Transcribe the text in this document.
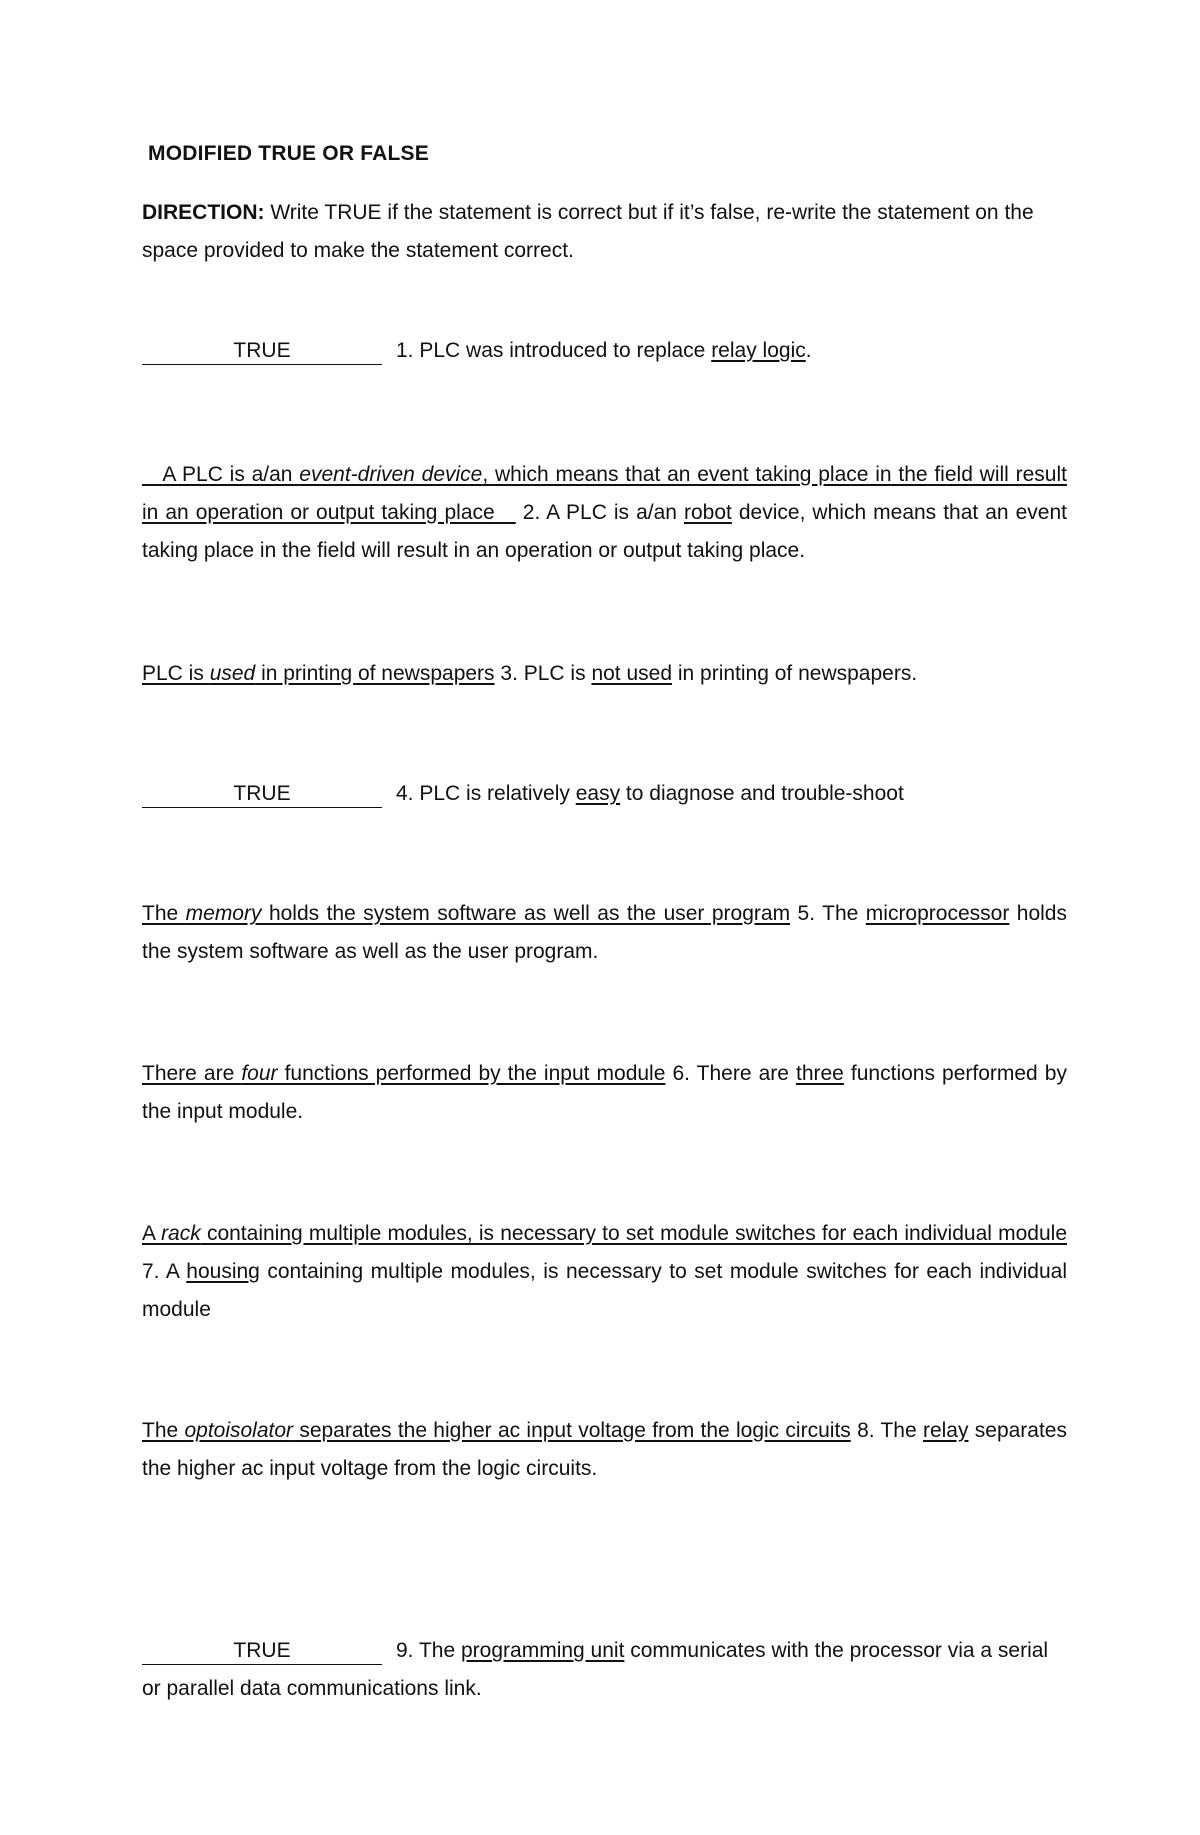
MODIFIED TRUE OR FALSE
DIRECTION: Write TRUE if the statement is correct but if it’s false, re-write the statement on the space provided to make the statement correct.
TRUE	1. PLC was introduced to replace relay logic.
A PLC is a/an event-driven device, which means that an event taking place in the field will result in an operation or output taking place 2. A PLC is a/an robot device, which means that an event taking place in the field will result in an operation or output taking place.
PLC is used in printing of newspapers 3. PLC is not used in printing of newspapers.
TRUE	4. PLC is relatively easy to diagnose and trouble-shoot
The memory holds the system software as well as the user program 5. The microprocessor holds the system software as well as the user program.
There are four functions performed by the input module 6. There are three functions performed by the input module.
A rack containing multiple modules, is necessary to set module switches for each individual module 7. A housing containing multiple modules, is necessary to set module switches for each individual module
The optoisolator separates the higher ac input voltage from the logic circuits 8. The relay separates the higher ac input voltage from the logic circuits.
TRUE	9. The programming unit communicates with the processor via a serial or parallel data communications link.
